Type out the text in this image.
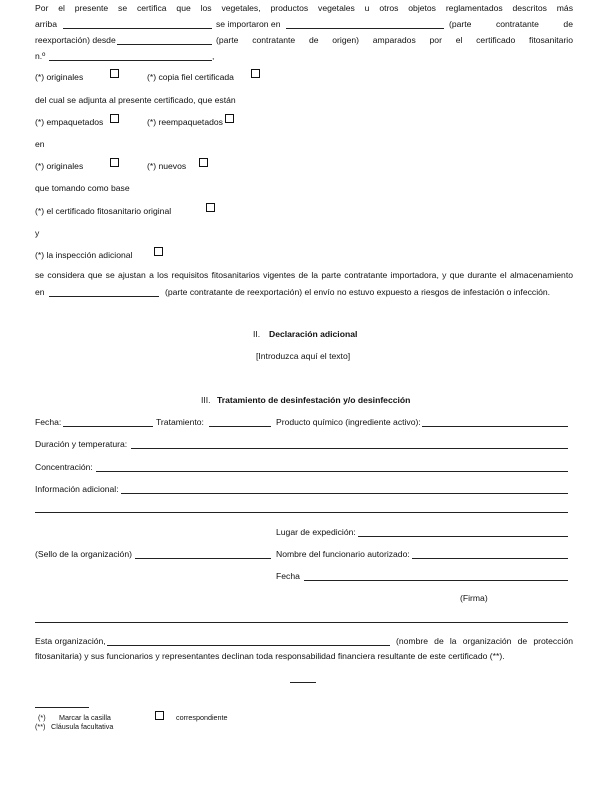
Por el presente se certifica que los vegetales, productos vegetales u otros objetos reglamentados descritos más
arriba	se importaron en	(parte contratante de
reexportación) desde	(parte contratante de origen) amparados por el certificado fitosanitario
n.º	,
(*) originales	(*) copia fiel certificada
del cual se adjunta al presente certificado, que están
(*) empaquetados	(*) reempaquetados
en
(*) originales	(*) nuevos
que tomando como base
(*) el certificado fitosanitario original
y
(*) la inspección adicional
se considera que se ajustan a los requisitos fitosanitarios vigentes de la parte contratante importadora, y que durante el almacenamiento
en	(parte contratante de reexportación) el envío no estuvo expuesto a riesgos de infestación o infección.
II. Declaración adicional
[Introduzca aquí el texto]
III. Tratamiento de desinfestación y/o desinfección
Fecha:	Tratamiento:	Producto químico (ingrediente activo):
Duración y temperatura:
Concentración:
Información adicional:
Lugar de expedición:
(Sello de la organización)	Nombre del funcionario autorizado:
Fecha
(Firma)
Esta organización,	(nombre de la organización de protección
fitosanitaria) y sus funcionarios y representantes declinan toda responsabilidad financiera resultante de este certificado (**).
(*) Marcar la casilla	correspondiente
(**) Cláusula facultativa
